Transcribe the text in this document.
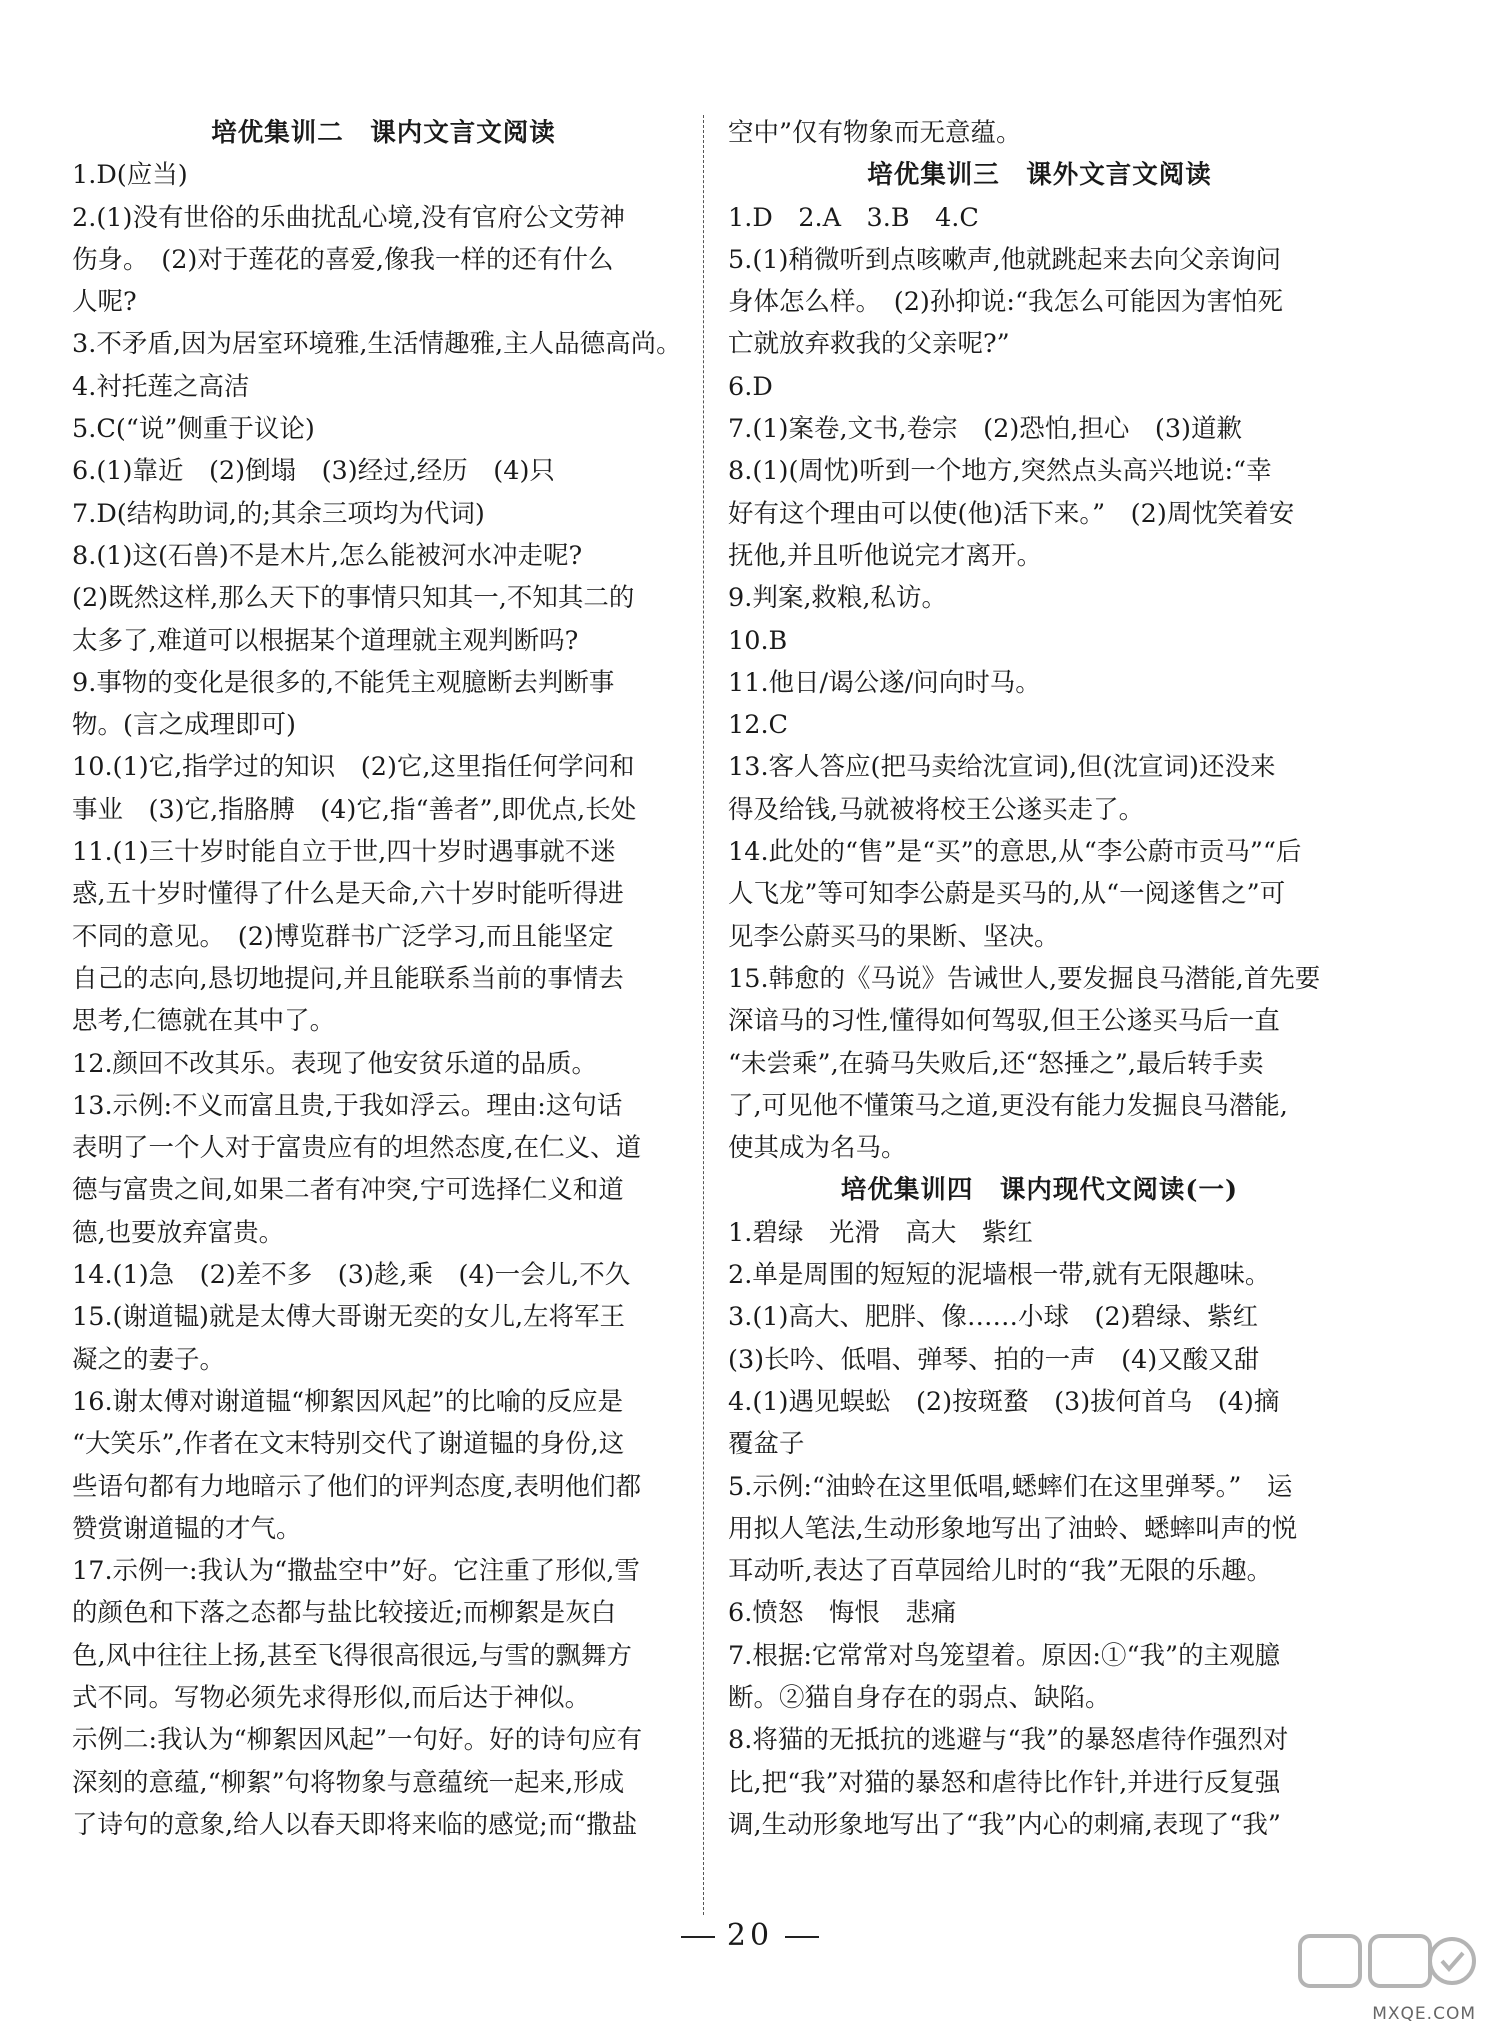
培优集训二　课内文言文阅读
1.D(应当)
2.(1)没有世俗的乐曲扰乱心境,没有官府公文劳神
伤身。　(2)对于莲花的喜爱,像我一样的还有什么
人呢?
3.不矛盾,因为居室环境雅,生活情趣雅,主人品德高尚。
4.衬托莲之高洁
5.C(“说”侧重于议论)
6.(1)靠近　(2)倒塌　(3)经过,经历　(4)只
7.D(结构助词,的;其余三项均为代词)
8.(1)这(石兽)不是木片,怎么能被河水冲走呢?
(2)既然这样,那么天下的事情只知其一,不知其二的
太多了,难道可以根据某个道理就主观判断吗?
9.事物的变化是很多的,不能凭主观臆断去判断事
物。(言之成理即可)
10.(1)它,指学过的知识　(2)它,这里指任何学问和
事业　(3)它,指胳膊　(4)它,指“善者”,即优点,长处
11.(1)三十岁时能自立于世,四十岁时遇事就不迷
惑,五十岁时懂得了什么是天命,六十岁时能听得进
不同的意见。　(2)博览群书广泛学习,而且能坚定
自己的志向,恳切地提问,并且能联系当前的事情去
思考,仁德就在其中了。
12.颜回不改其乐。表现了他安贫乐道的品质。
13.示例:不义而富且贵,于我如浮云。理由:这句话
表明了一个人对于富贵应有的坦然态度,在仁义、道
德与富贵之间,如果二者有冲突,宁可选择仁义和道
德,也要放弃富贵。
14.(1)急　(2)差不多　(3)趁,乘　(4)一会儿,不久
15.(谢道韫)就是太傅大哥谢无奕的女儿,左将军王
凝之的妻子。
16.谢太傅对谢道韫“柳絮因风起”的比喻的反应是
“大笑乐”,作者在文末特别交代了谢道韫的身份,这
些语句都有力地暗示了他们的评判态度,表明他们都
赞赏谢道韫的才气。
17.示例一:我认为“撒盐空中”好。它注重了形似,雪
的颜色和下落之态都与盐比较接近;而柳絮是灰白
色,风中往往上扬,甚至飞得很高很远,与雪的飘舞方
式不同。写物必须先求得形似,而后达于神似。
示例二:我认为“柳絮因风起”一句好。好的诗句应有
深刻的意蕴,“柳絮”句将物象与意蕴统一起来,形成
了诗句的意象,给人以春天即将来临的感觉;而“撒盐
空中”仅有物象而无意蕴。
培优集训三　课外文言文阅读
1.D　2.A　3.B　4.C
5.(1)稍微听到点咳嗽声,他就跳起来去向父亲询问
身体怎么样。　(2)孙抑说:“我怎么可能因为害怕死
亡就放弃救我的父亲呢?”
6.D
7.(1)案卷,文书,卷宗　(2)恐怕,担心　(3)道歉
8.(1)(周忱)听到一个地方,突然点头高兴地说:“幸
好有这个理由可以使(他)活下来。”　(2)周忱笑着安
抚他,并且听他说完才离开。
9.判案,救粮,私访。
10.B
11.他日/谒公遂/问向时马。
12.C
13.客人答应(把马卖给沈宣词),但(沈宣词)还没来
得及给钱,马就被将校王公遂买走了。
14.此处的“售”是“买”的意思,从“李公蔚市贡马”“后
人飞龙”等可知李公蔚是买马的,从“一阅遂售之”可
见李公蔚买马的果断、坚决。
15.韩愈的《马说》告诫世人,要发掘良马潜能,首先要
深谙马的习性,懂得如何驾驭,但王公遂买马后一直
“未尝乘”,在骑马失败后,还“怒捶之”,最后转手卖
了,可见他不懂策马之道,更没有能力发掘良马潜能,
使其成为名马。
培优集训四　课内现代文阅读(一)
1.碧绿　光滑　高大　紫红
2.单是周围的短短的泥墙根一带,就有无限趣味。
3.(1)高大、肥胖、像……小球　(2)碧绿、紫红
(3)长吟、低唱、弹琴、拍的一声　(4)又酸又甜
4.(1)遇见蜈蚣　(2)按斑蝥　(3)拔何首乌　(4)摘
覆盆子
5.示例:“油蛉在这里低唱,蟋蟀们在这里弹琴。”　运
用拟人笔法,生动形象地写出了油蛉、蟋蟀叫声的悦
耳动听,表达了百草园给儿时的“我”无限的乐趣。
6.愤怒　悔恨　悲痛
7.根据:它常常对鸟笼望着。原因:①“我”的主观臆
断。②猫自身存在的弱点、缺陷。
8.将猫的无抵抗的逃避与“我”的暴怒虐待作强烈对
比,把“我”对猫的暴怒和虐待比作针,并进行反复强
调,生动形象地写出了“我”内心的刺痛,表现了“我”
20
MXQE.COM
